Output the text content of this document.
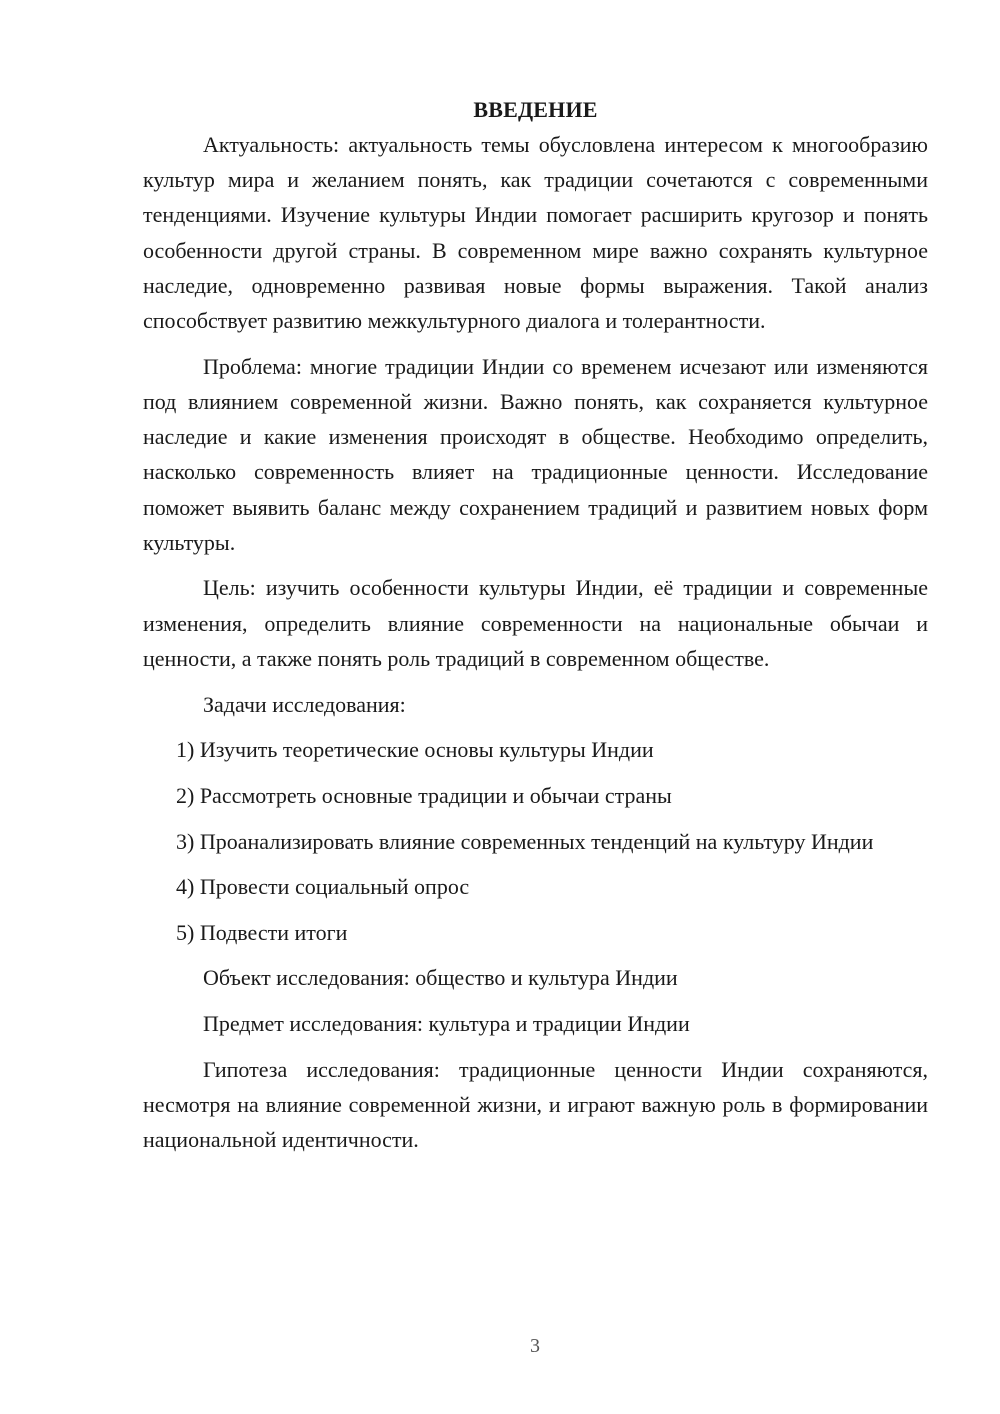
ВВЕДЕНИЕ

Актуальность: актуальность темы обусловлена интересом к многообразию культур мира и желанием понять, как традиции сочетаются с современными тенденциями. Изучение культуры Индии помогает расширить кругозор и понять особенности другой страны. В современном мире важно сохранять культурное наследие, одновременно развивая новые формы выражения. Такой анализ способствует развитию межкультурного диалога и толерантности.

Проблема: многие традиции Индии со временем исчезают или изменяются под влиянием современной жизни. Важно понять, как сохраняется культурное наследие и какие изменения происходят в обществе. Необходимо определить, насколько современность влияет на традиционные ценности. Исследование поможет выявить баланс между сохранением традиций и развитием новых форм культуры.

Цель: изучить особенности культуры Индии, её традиции и современные изменения, определить влияние современности на национальные обычаи и ценности, а также понять роль традиций в современном обществе.

Задачи исследования:

1) Изучить теоретические основы культуры Индии

2) Рассмотреть основные традиции и обычаи страны

3) Проанализировать влияние современных тенденций на культуру Индии

4) Провести социальный опрос

5) Подвести итоги

Объект исследования: общество и культура Индии

Предмет исследования: культура и традиции Индии

Гипотеза исследования: традиционные ценности Индии сохраняются, несмотря на влияние современной жизни, и играют важную роль в формировании национальной идентичности.

3
